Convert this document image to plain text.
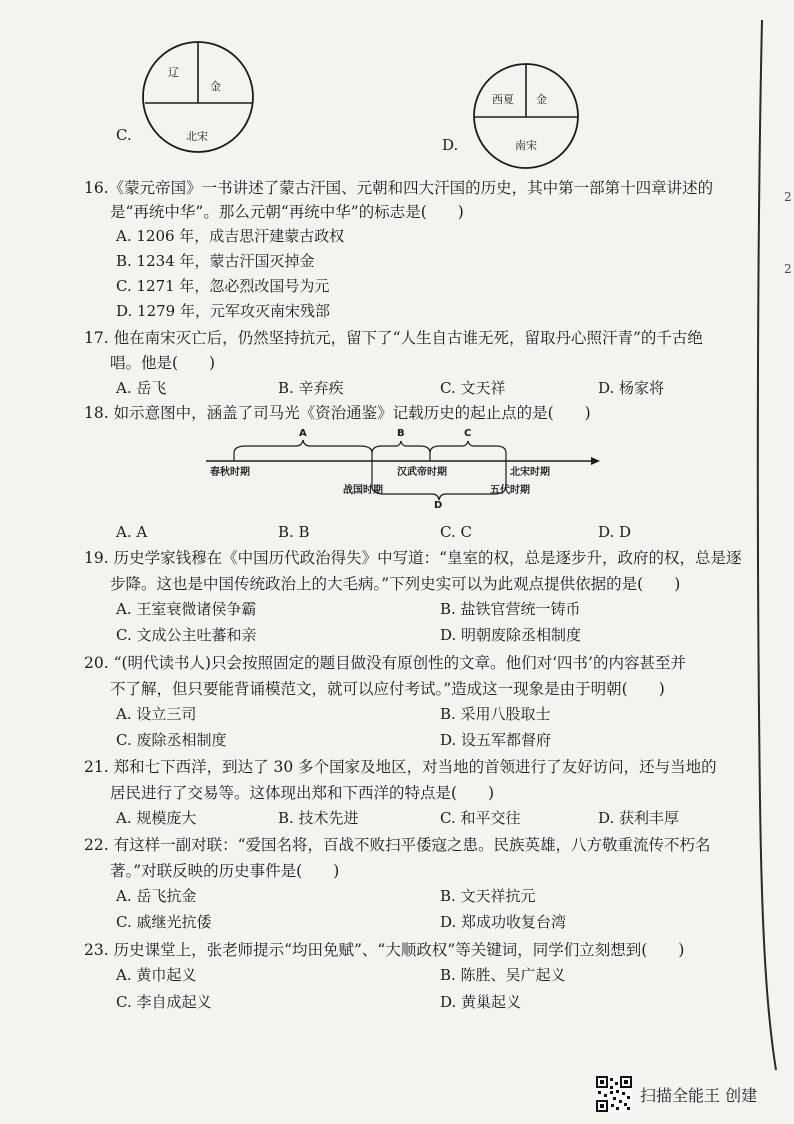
2
2
C.
辽
金
北宋	D.
西夏 金
南宋
16.《蒙元帝国》一书讲述了蒙古汗国、元朝和四大汗国的历史，其中第一部第十四章讲述的
是“再统中华”。那么元朝“再统中华”的标志是(　　)
A. 1206 年，成吉思汗建蒙古政权
B. 1234 年，蒙古汗国灭掉金
C. 1271 年，忽必烈改国号为元
D. 1279 年，元军攻灭南宋残部
17. 他在南宋灭亡后，仍然坚持抗元，留下了“人生自古谁无死，留取丹心照汗青”的千古绝
唱。他是(　　)
A. 岳飞	B. 辛弃疾	C. 文天祥	D. 杨家将
18. 如示意图中，涵盖了司马光《资治通鉴》记载历史的起止点的是(　　)
A	B	C
D
春秋时期	汉武帝时期	北宋时期
战国时期	五代时期
A. A	B. B	C. C	D. D
19. 历史学家钱穆在《中国历代政治得失》中写道：“皇室的权，总是逐步升，政府的权，总是逐
步降。这也是中国传统政治上的大毛病。”下列史实可以为此观点提供依据的是(　　)
A. 王室衰微诸侯争霸	B. 盐铁官营统一铸币
C. 文成公主吐蕃和亲	D. 明朝废除丞相制度
20. “(明代读书人)只会按照固定的题目做没有原创性的文章。他们对‘四书’的内容甚至并
不了解，但只要能背诵模范文，就可以应付考试。”造成这一现象是由于明朝(　　)
A. 设立三司	B. 采用八股取士
C. 废除丞相制度	D. 设五军都督府
21. 郑和七下西洋，到达了 30 多个国家及地区，对当地的首领进行了友好访问，还与当地的
居民进行了交易等。这体现出郑和下西洋的特点是(　　)
A. 规模庞大	B. 技术先进	C. 和平交往	D. 获利丰厚
22. 有这样一副对联：“爱国名将，百战不败扫平倭寇之患。民族英雄，八方敬重流传不朽名
著。”对联反映的历史事件是(　　)
A. 岳飞抗金	B. 文天祥抗元
C. 戚继光抗倭	D. 郑成功收复台湾
23. 历史课堂上，张老师提示“均田免赋”、“大顺政权”等关键词，同学们立刻想到(　　)
A. 黄巾起义	B. 陈胜、吴广起义
C. 李自成起义	D. 黄巢起义
扫描全能王 创建
